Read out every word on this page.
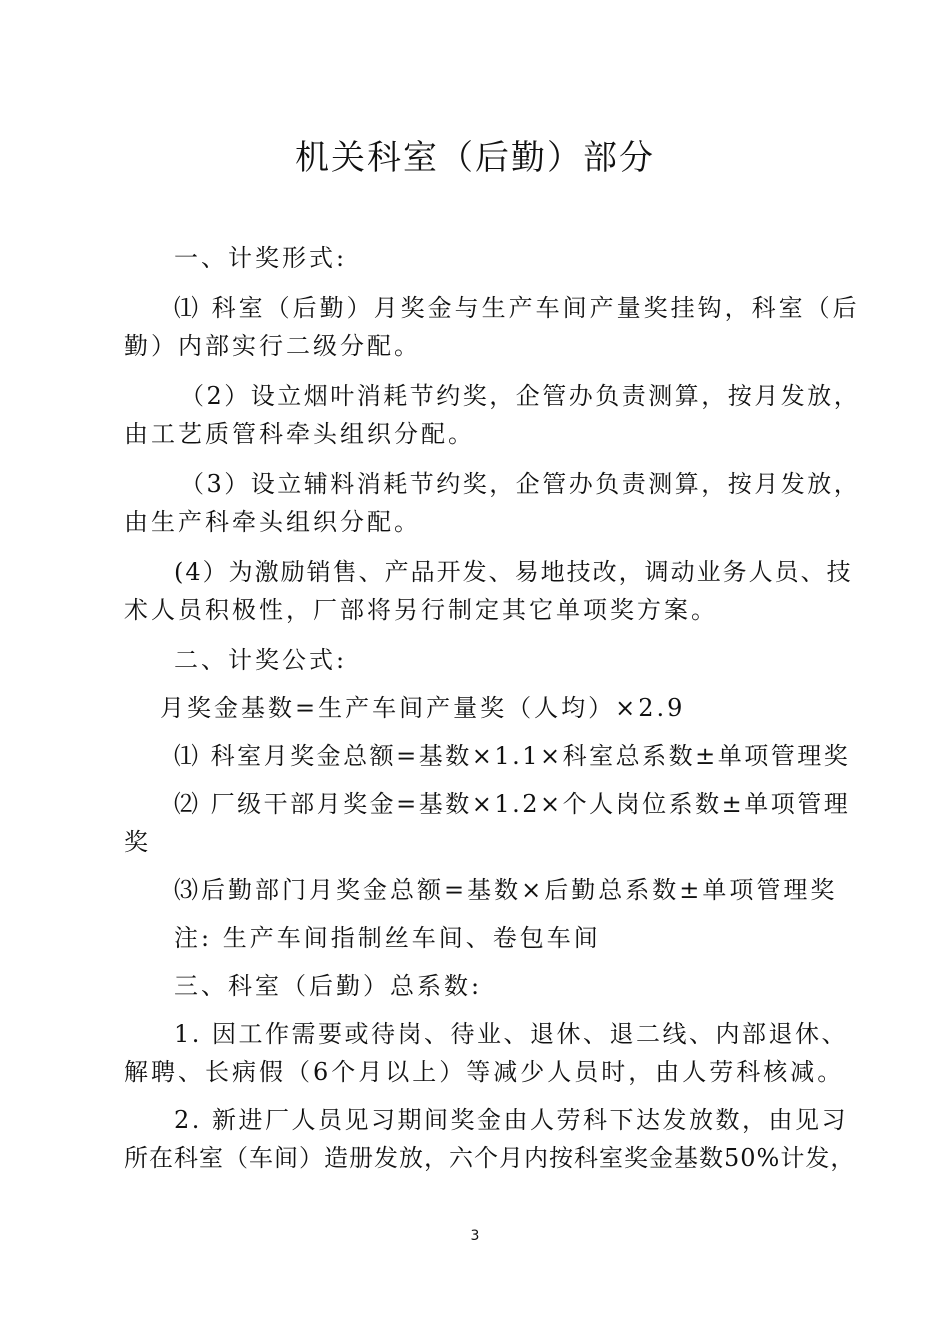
机关科室（后勤）部分
一、计奖形式:
⑴ 科室（后勤）月奖金与生产车间产量奖挂钩，科室（后
勤）内部实行二级分配。
（2）设立烟叶消耗节约奖，企管办负责测算，按月发放，
由工艺质管科牵头组织分配。
（3）设立辅料消耗节约奖，企管办负责测算，按月发放，
由生产科牵头组织分配。
(4）为激励销售、产品开发、易地技改，调动业务人员、技
术人员积极性，厂部将另行制定其它单项奖方案。
二、计奖公式:
月奖金基数=生产车间产量奖（人均）×2.9
⑴ 科室月奖金总额=基数×1.1×科室总系数±单项管理奖
⑵ 厂级干部月奖金=基数×1.2×个人岗位系数±单项管理
奖
⑶后勤部门月奖金总额=基数×后勤总系数±单项管理奖
注: 生产车间指制丝车间、卷包车间
三、科室（后勤）总系数:
1. 因工作需要或待岗、待业、退休、退二线、内部退休、
解聘、长病假（6个月以上）等减少人员时，由人劳科核减。
2. 新进厂人员见习期间奖金由人劳科下达发放数，由见习
所在科室（车间）造册发放，六个月内按科室奖金基数50%计发，
3
